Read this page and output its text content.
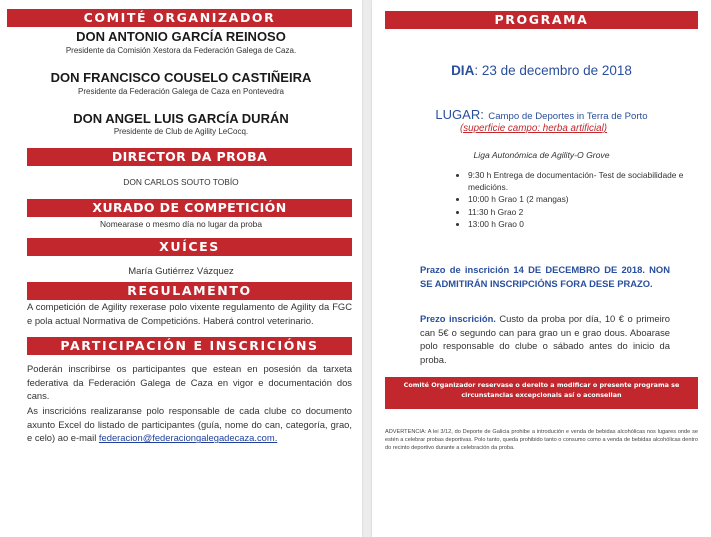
COMITÉ ORGANIZADOR
DON ANTONIO GARCÍA REINOSO
Presidente da Comisión Xestora da Federación Galega de Caza.
DON FRANCISCO COUSELO CASTIÑEIRA
Presidente da Federación Galega de Caza en Pontevedra
DON ANGEL LUIS GARCÍA DURÁN
Presidente de Club de Agility LeCocq.
DIRECTOR DA PROBA
DON CARLOS SOUTO TOBÍO
XURADO DE COMPETICIÓN
Nomearase o mesmo día no lugar da proba
XUÍCES
María Gutiérrez Vázquez
REGULAMENTO
A competición de Agility rexerase polo vixente regulamento de Agility da FGC e pola actual Normativa de Competicións. Haberá control veterinario.
PARTICIPACIÓN E INSCRICIÓNS
Poderán inscribirse os participantes que estean en posesión da tarxeta federativa da Federación Galega de Caza en vigor e documentación dos cans.
As inscricións realizaranse polo responsable de cada clube co documento axunto Excel do listado de participantes (guía, nome do can, categoría, grao, e celo) ao e-mail federacion@federaciongalegadecaza.com.
PROGRAMA
DIA: 23 de decembro de 2018
LUGAR: Campo de Deportes in Terra de Porto
(superficie campo: herba artificial)
Liga Autonómica de Agility-O Grove
• 9:30 h Entrega de documentación- Test de sociabilidade e medicións.
• 10:00 h Grao 1 (2 mangas)
• 11:30 h Grao 2
• 13:00 h Grao 0
Prazo de inscrición 14 DE DECEMBRO DE 2018. NON SE ADMITIRÁN INSCRIPCIÓNS FORA DESE PRAZO.
Prezo inscrición. Custo da proba por día, 10 € o primeiro can 5€ o segundo can para grao un e grao dous. Aboarase polo responsable do clube o sábado antes do inicio da proba.
Comité Organizador reservase o dereito a modificar o presente programa se circunstancias excepcionais así o aconsellan
ADVERTENCIA: A lei 3/12, do Deporte de Galicia prohibe a introdución e venda de bebidas alcohólicas nos lugares onde se estén a celebrar probas deportivas. Polo tanto, queda prohibido tanto o consumo como a venda de bebidas alcohólicas dentro do recinto deportivo durante a celebración da proba.
